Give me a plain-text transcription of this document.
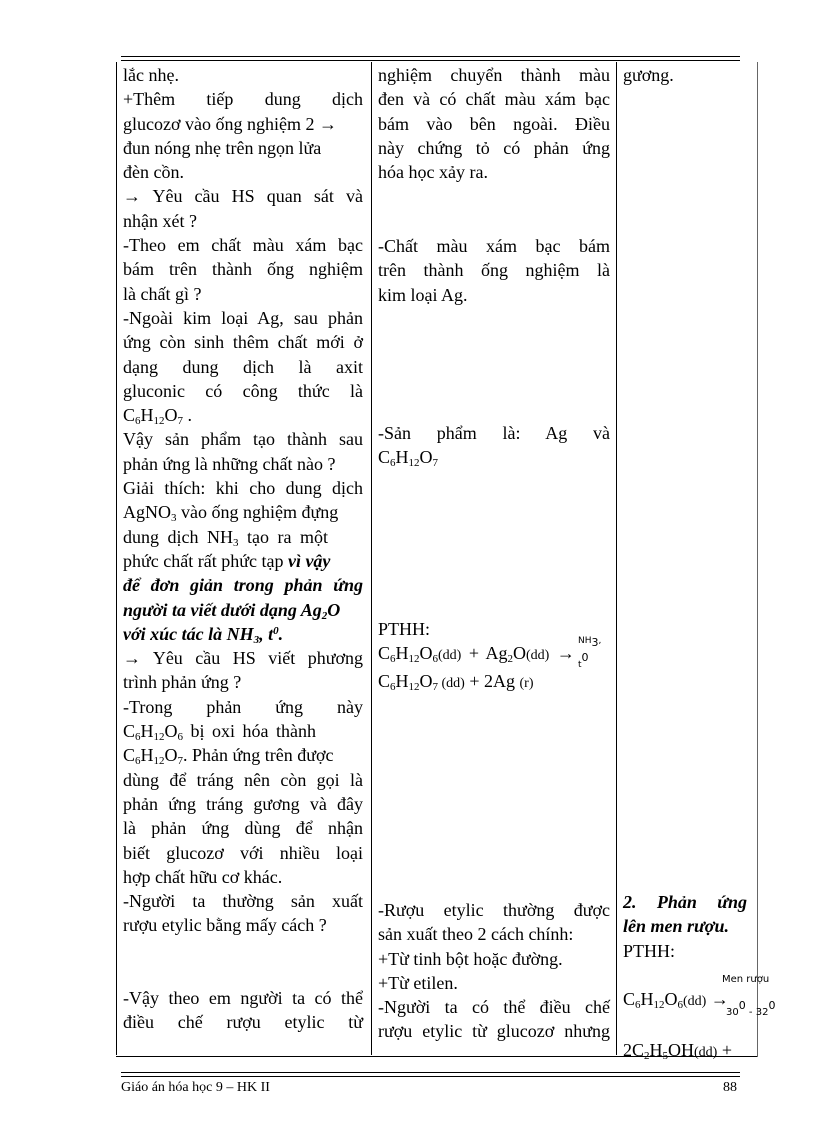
lắc nhẹ.
+Thêm tiếp dung dịch
glucozơ vào ống nghiệm 2 →
đun nóng nhẹ trên ngọn lửa
đèn cồn.
→ Yêu cầu HS quan sát và
nhận xét ?
-Theo em chất màu xám bạc
bám trên thành ống nghiệm
là chất gì ?
-Ngoài kim loại Ag, sau phản
ứng còn sinh thêm chất mới ở
dạng dung dịch là axit
gluconic có công thức là
$C_6H_{12}O_7$ .
Vậy sản phẩm tạo thành sau
phản ứng là những chất nào ?
Giải thích: khi cho dung dịch
AgNO$_3$ vào ống nghiệm đựng
dung dịch $NH_3$ tạo ra một
phức chất rất phức tạp vì vậy
để đơn giản trong phản ứng
người ta viết dưới dạng $Ag_2O$
với xúc tác là $NH_3$, $t^0$.
→ Yêu cầu HS viết phương
trình phản ứng ?
-Trong phản ứng này
$C_6H_{12}O_6$ bị oxi hóa thành
$C_6H_{12}O_7$. Phản ứng trên được
dùng để tráng nên còn gọi là
phản ứng tráng gương và đây
là phản ứng dùng để nhận
biết glucozơ với nhiều loại
hợp chất hữu cơ khác.
-Người ta thường sản xuất
rượu etylic bằng mấy cách ?
-Vậy theo em người ta có thể
điều chế rượu etylic từ
nghiệm chuyển thành màu
đen và có chất màu xám bạc
bám vào bên ngoài. Điều
này chứng tỏ có phản ứng
hóa học xảy ra.
-Chất màu xám bạc bám
trên thành ống nghiệm là
kim loại Ag.
-Sản phẩm là: Ag và
$C_6H_{12}O_7$
PTHH:
$NH_3$, $t^0$
$C_6H_{12}O_6(dd) + Ag_2O(dd)$ →
$C_6H_{12}O_7$ (dd) + 2Ag (r)
-Rượu etylic thường được
sản xuất theo 2 cách chính:
+Từ tinh bột hoặc đường.
+Từ etilen.
-Người ta có thể điều chế
rượu etylic từ glucozơ nhưng
gương.
2. Phản ứng
lên men rượu.
PTHH:
Men rượu
$C_6H_{12}O_6(dd)$ →
$30^0 - 32^0$
$2C_2H_5OH(dd)$ +
Giáo án hóa học 9 – HK II	88
